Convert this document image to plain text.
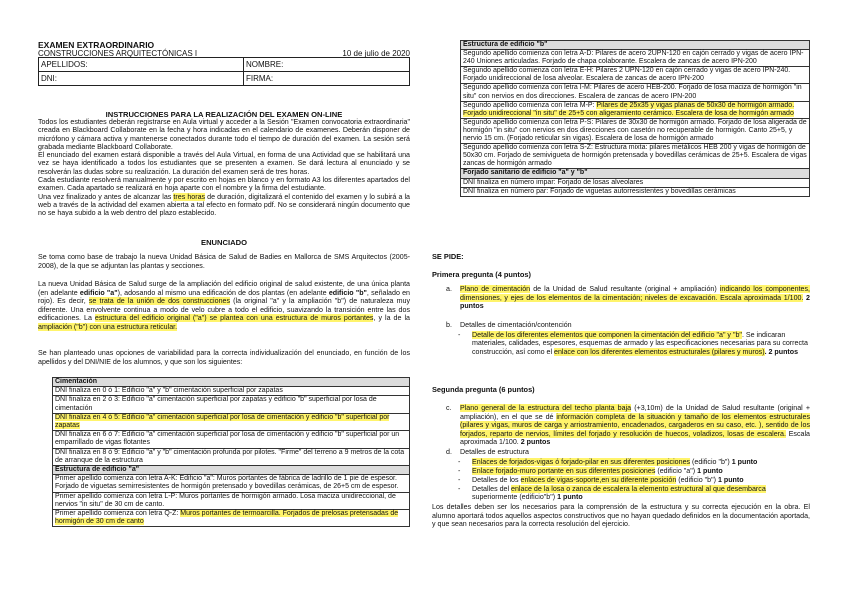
EXAMEN EXTRAORDINARIO
CONSTRUCCIONES ARQUITECTÓNICAS I	10 de julio de 2020
APELLIDOS:	NOMBRE:
DNI:	FIRMA:
INSTRUCCIONES PARA LA REALIZACIÓN DEL EXAMEN ON-LINE
Todos los estudiantes deberán registrarse en Aula virtual y acceder a la Sesión "Examen convocatoria extraordinaria" creada en Blackboard Collaborate en la fecha y hora indicadas en el calendario de examenes. Deberán disponer de micrófono y cámara activa y mantenerse conectados durante todo el tiempo de duración del examen. La sesión será grabada mediante Blackboard Collaborate.
El enunciado del examen estará disponible a través del Aula Virtual, en forma de una Actividad que se habilitará una vez se haya identificado a todos los estudiantes que se presenten a examen. Se dará lectura al enunciado y se resolverán las dudas sobre su realización. La duración del examen será de tres horas.
Cada estudiante resolverá manualmente y por escrito en hojas en blanco y en formato A3 los diferentes apartados del examen. Cada apartado se realizará en hoja aparte con el nombre y la firma del estudiante.
Una vez finalizado y antes de alcanzar las tres horas de duración, digitalizará el contenido del examen y lo subirá a la web a través de la actividad del examen abierta a tal efecto en formato pdf. No se considerará ningún documento que no se haya subido a la web dentro del plazo establecido.
ENUNCIADO
Se toma como base de trabajo la nueva Unidad Básica de Salud de Badies en Mallorca de SMS Arquitectos (2005-2008), de la que se adjuntan las plantas y secciones.
La nueva Unidad Básica de Salud surge de la ampliación del edificio original de salud existente, de una única planta (en adelante edificio "a"), adosando al mismo una edificación de dos plantas (en adelante edificio "b", señalado en rojo). Es decir, se trata de la unión de dos construcciones (la original "a" y la ampliación "b") de naturaleza muy diferente. Una envolvente continua a modo de velo cubre a todo el edificio, suavizando la transición entre las dos edificaciones. La estructura del edificio original ("a") se plantea con una estructura de muros portantes, y la de la ampliación ("b") con una estructura reticular.
Se han planteado unas opciones de variabilidad para la correcta individualización del enunciado, en función de los apellidos y del DNI/NIE de los alumnos, y que son los siguientes:
Cimentación
DNI finaliza en 0 ó 1: Edificio "a" y "b" cimentación superficial por zapatas
DNI finaliza en 2 ó 3: Edificio "a" cimentación superficial por zapatas y edificio "b" superficial por losa de cimentación
DNI finaliza en 4 ó 5: Edificio "a" cimentación superficial por losa de cimentación y edificio "b" superficial por zapatas
DNI finaliza en 6 ó 7: Edificio "a" cimentación superficial por losa de cimentación y edificio "b" superficial por un emparrillado de vigas flotantes
DNI finaliza en 8 ó 9: Edificio "a" y "b" cimentación profunda por pilotes. "Firme" del terreno a 9 metros de la cota de arranque de la estructura
Estructura de edificio "a"
Primer apellido comienza con letra A-K: Edificio "a": Muros portantes de fábrica de ladrillo de 1 pie de espesor. Forjado de viguetas semirresistentes de hormigón pretensado y bovedillas cerámicas, de 26+5 cm de espesor.
Primer apellido comienza con letra L-P: Muros portantes de hormigón armado. Losa maciza unidireccional, de nervios "in situ" de 30 cm de canto.
Primer apellido comienza con letra Q-Z: Muros portantes de termoarcilla. Forjados de prelosas pretensadas de hormigón de 30 cm de canto
Estructura de edificio "b"
Segundo apellido comienza con letra A-D: Pilares de acero 2UPN-120 en cajón cerrado y vigas de acero IPN-240 Uniones articuladas. Forjado de chapa colaborante. Escalera de zancas de acero IPN-200
Segundo apellido comienza con letra E-H: Pilares 2 UPN-120 en cajón cerrado y vigas de acero IPN-240. Forjado unidireccional de losa alveolar. Escalera de zancas de acero IPN-200
Segundo apellido comienza con letra I-M: Pilares de acero HEB-200. Forjado de losa maciza de hormigón "in situ" con nervios en dos direcciones. Escalera de zancas de acero IPN-200
Segundo apellido comienza con letra M-P: Pilares de 25x35 y vigas planas de 50x30 de hormigón armado. Forjado unidireccional "in situ" de 25+5 con aligeramiento cerámico. Escalera de losa de hormigón armado
Segundo apellido comienza con letra P-S: Pilares de 30x30 de hormigón armado. Forjado de losa aligerada de hormigón "in situ" con nervios en dos direcciones con casetón no recuperable de hormigón. Canto 25+5, y nervio 15 cm. (Forjado reticular sin vigas). Escalera de losa de hormigón armado
Segundo apellido comienza con letra S-Z: Estructura mixta: pilares metálicos HEB 200 y vigas de hormigón de 50x30 cm. Forjado de semivigueta de hormigón pretensada y bovedillas cerámicas de 25+5. Escalera de vigas zancas de hormigón armado
Forjado sanitario de edificio "a" y "b"
DNI finaliza en número impar: Forjado de losas alveolares
DNI finaliza en número par: Forjado de viguetas autorresistentes y bovedillas cerámicas
SE PIDE:
Primera pregunta (4 puntos)
a. Plano de cimentación de la Unidad de Salud resultante (original + ampliación) indicando los componentes, dimensiones, y ejes de los elementos de la cimentación; niveles de excavación. Escala aproximada 1/100. 2 puntos
b. Detalles de cimentación/contención
- Detalle de los diferentes elementos que componen la cimentación del edificio "a" y "b". Se indicaran materiales, calidades, espesores, esquemas de armado y las especificaciones necesarias para su correcta construcción, así como el enlace con los diferentes elementos estructurales (pilares y muros). 2 puntos
Segunda pregunta (6 puntos)
c. Plano general de la estructura del techo planta baja (+3,10m) de la Unidad de Salud resultante (original + ampliación), en el que se dé información completa de la situación y tamaño de los elementos estructurales (pilares y vigas, muros de carga y arriostramiento, encadenados, cargaderos en su caso, etc. ), sentido de los forjados, reparto de nervios, límites del forjado y resolución de huecos, voladizos, losas de escalera. Escala aproximada 1/100. 2 puntos
d. Detalles de estructura
- Enlaces de forjados-vigas ó forjado-pilar en sus diferentes posiciones (edificio "b") 1 punto
- Enlace forjado-muro portante en sus diferentes posiciones (edificio "a") 1 punto
- Detalles de los enlaces de vigas-soporte,en su diferente posición (edificio "b") 1 punto
- Detalles del enlace de la losa o zanca de escalera la elemento estructural al que desembarca superiormente (edificio"b") 1 punto
Los detalles deben ser los necesarios para la comprensión de la estructura y su correcta ejecución en la obra. El alumno aportará todos aquellos aspectos constructivos que no hayan quedado definidos en la documentación aportada, y que sean necesarios para la correcta resolución del ejercicio.
